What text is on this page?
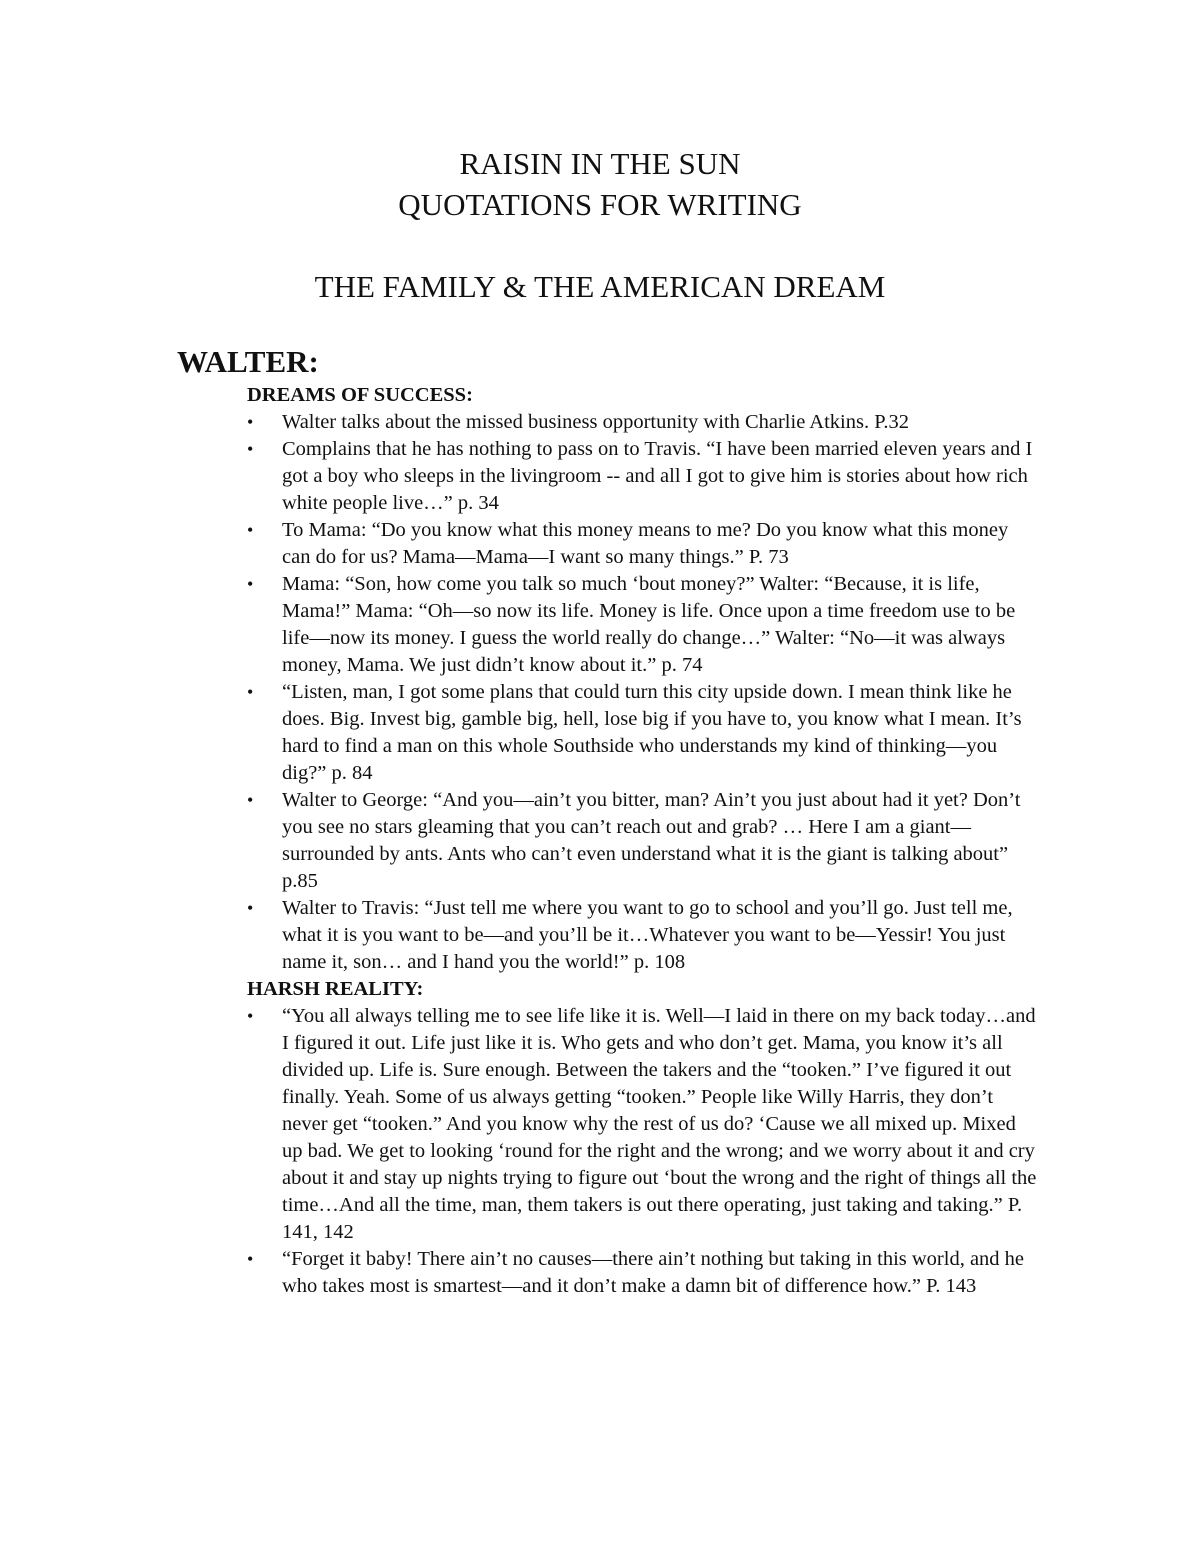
RAISIN IN THE SUN
QUOTATIONS FOR WRITING
THE FAMILY & THE AMERICAN DREAM
WALTER:

DREAMS OF SUCCESS:

•	Walter talks about the missed business opportunity with Charlie Atkins. P.32
•	Complains that he has nothing to pass on to Travis. “I have been married eleven years and I got a boy who sleeps in the livingroom -- and all I got to give him is stories about how rich white people live…” p. 34
•	To Mama: “Do you know what this money means to me? Do you know what this money can do for us? Mama—Mama—I want so many things.” P. 73
•	Mama: “Son, how come you talk so much ‘bout money?” Walter: “Because, it is life, Mama!” Mama: “Oh—so now its life. Money is life. Once upon a time freedom use to be life—now its money. I guess the world really do change…” Walter: “No—it was always money, Mama. We just didn’t know about it.” p. 74
•	“Listen, man, I got some plans that could turn this city upside down. I mean think like he does. Big. Invest big, gamble big, hell, lose big if you have to, you know what I mean. It’s hard to find a man on this whole Southside who understands my kind of thinking—you dig?” p. 84
•	Walter to George: “And you—ain’t you bitter, man? Ain’t you just about had it yet? Don’t you see no stars gleaming that you can’t reach out and grab? … Here I am a giant—surrounded by ants. Ants who can’t even understand what it is the giant is talking about” p.85
•	Walter to Travis: “Just tell me where you want to go to school and you’ll go. Just tell me, what it is you want to be—and you’ll be it…Whatever you want to be—Yessir! You just name it, son… and I hand you the world!” p. 108

HARSH REALITY:

•	“You all always telling me to see life like it is. Well—I laid in there on my back today…and I figured it out. Life just like it is. Who gets and who don’t get. Mama, you know it’s all divided up. Life is. Sure enough. Between the takers and the “tooken.” I’ve figured it out finally. Yeah. Some of us always getting “tooken.” People like Willy Harris, they don’t never get “tooken.” And you know why the rest of us do? ‘Cause we all mixed up. Mixed up bad. We get to looking ‘round for the right and the wrong; and we worry about it and cry about it and stay up nights trying to figure out ‘bout the wrong and the right of things all the time…And all the time, man, them takers is out there operating, just taking and taking.” P. 141, 142
•	“Forget it baby! There ain’t no causes—there ain’t nothing but taking in this world, and he who takes most is smartest—and it don’t make a damn bit of difference how.” P. 143
